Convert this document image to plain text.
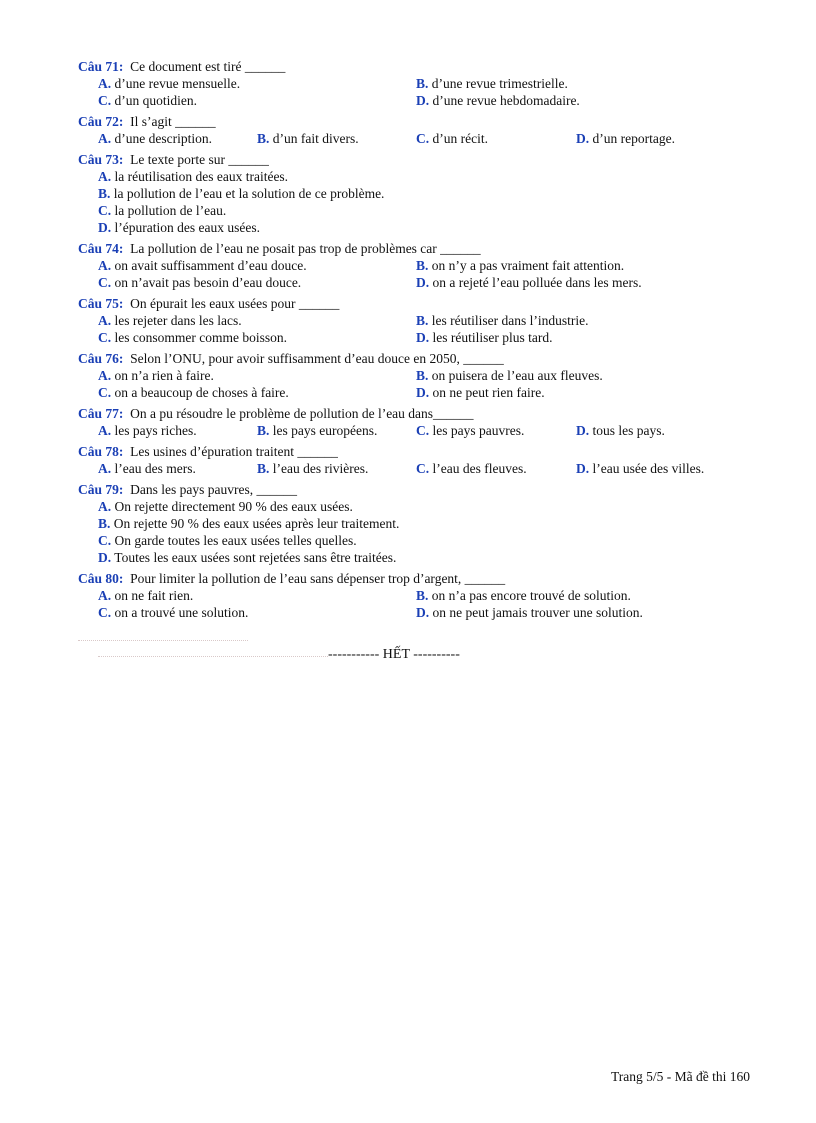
Câu 71: Ce document est tiré ______
A. d’une revue mensuelle.	B. d’une revue trimestrielle.
C. d’un quotidien.	D. d’une revue hebdomadaire.
Câu 72: Il s’agit ______
A. d’une description.	B. d’un fait divers.	C. d’un récit.	D. d’un reportage.
Câu 73: Le texte porte sur ______
A. la réutilisation des eaux traitées.
B. la pollution de l’eau et la solution de ce problème.
C. la pollution de l’eau.
D. l’épuration des eaux usées.
Câu 74: La pollution de l’eau ne posait pas trop de problèmes car ______
A. on avait suffisamment d’eau douce.	B. on n’y a pas vraiment fait attention.
C. on n’avait pas besoin d’eau douce.	D. on a rejeté l’eau polluée dans les mers.
Câu 75: On épurait les eaux usées pour ______
A. les rejeter dans les lacs.	B. les réutiliser dans l’industrie.
C. les consommer comme boisson.	D. les réutiliser plus tard.
Câu 76: Selon l’ONU, pour avoir suffisamment d’eau douce en 2050, ______
A. on n’a rien à faire.	B. on puisera de l’eau aux fleuves.
C. on a beaucoup de choses à faire.	D. on ne peut rien faire.
Câu 77: On a pu résoudre le problème de pollution de l’eau dans______
A. les pays riches.	B. les pays européens.	C. les pays pauvres.	D. tous les pays.
Câu 78: Les usines d’épuration traitent ______
A. l’eau des mers.	B. l’eau des rivières.	C. l’eau des fleuves.	D. l’eau usée des villes.
Câu 79: Dans les pays pauvres, ______
A. On rejette directement 90 % des eaux usées.
B. On rejette 90 % des eaux usées après leur traitement.
C. On garde toutes les eaux usées telles quelles.
D. Toutes les eaux usées sont rejetées sans être traitées.
Câu 80: Pour limiter la pollution de l’eau sans dépenser trop d’argent, ______
A. on ne fait rien.	B. on n’a pas encore trouvé de solution.
C. on a trouvé une solution.	D. on ne peut jamais trouver une solution.
----------- HẾT ----------
Trang 5/5 - Mã đề thi 160
